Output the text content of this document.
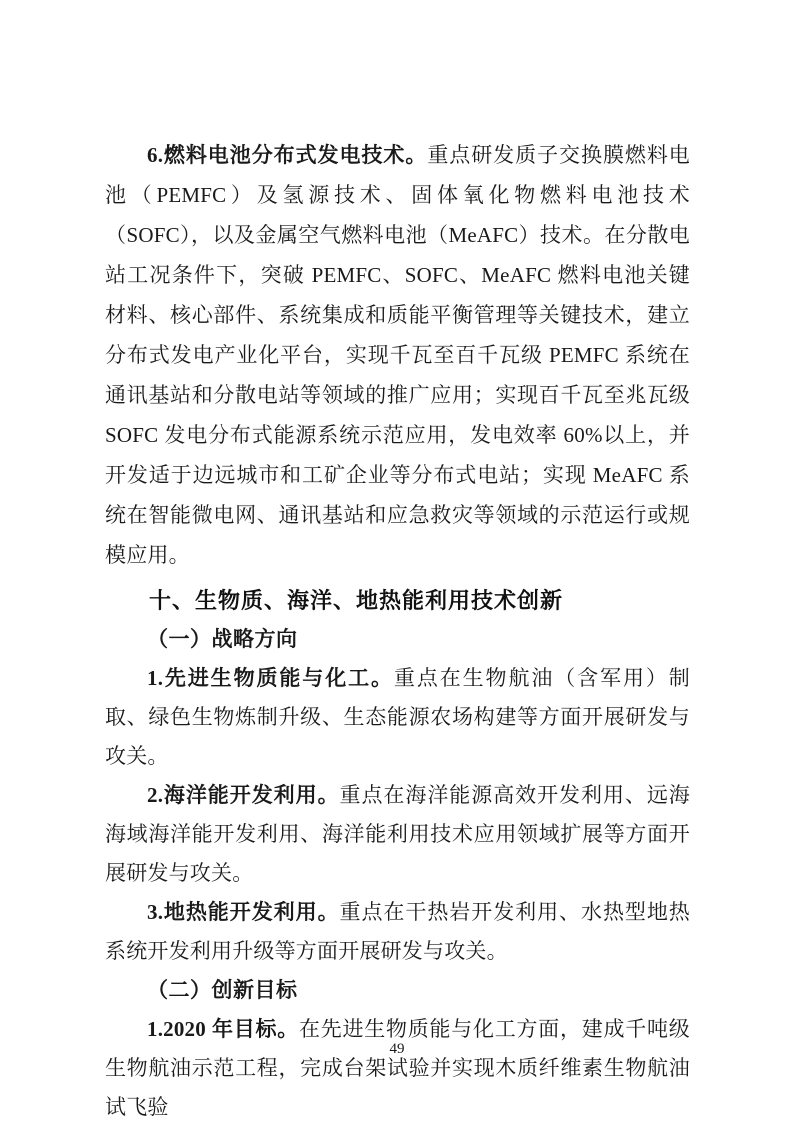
6.燃料电池分布式发电技术。重点研发质子交换膜燃料电池（PEMFC）及氢源技术、固体氧化物燃料电池技术（SOFC），以及金属空气燃料电池（MeAFC）技术。在分散电站工况条件下，突破 PEMFC、SOFC、MeAFC 燃料电池关键材料、核心部件、系统集成和质能平衡管理等关键技术，建立分布式发电产业化平台，实现千瓦至百千瓦级 PEMFC 系统在通讯基站和分散电站等领域的推广应用；实现百千瓦至兆瓦级 SOFC 发电分布式能源系统示范应用，发电效率 60%以上，并开发适于边远城市和工矿企业等分布式电站；实现 MeAFC 系统在智能微电网、通讯基站和应急救灾等领域的示范运行或规模应用。

十、生物质、海洋、地热能利用技术创新

（一）战略方向

1.先进生物质能与化工。重点在生物航油（含军用）制取、绿色生物炼制升级、生态能源农场构建等方面开展研发与攻关。

2.海洋能开发利用。重点在海洋能源高效开发利用、远海海域海洋能开发利用、海洋能利用技术应用领域扩展等方面开展研发与攻关。

3.地热能开发利用。重点在干热岩开发利用、水热型地热系统开发利用升级等方面开展研发与攻关。

（二）创新目标

1.2020 年目标。在先进生物质能与化工方面，建成千吨级生物航油示范工程，完成台架试验并实现木质纤维素生物航油试飞验

49
